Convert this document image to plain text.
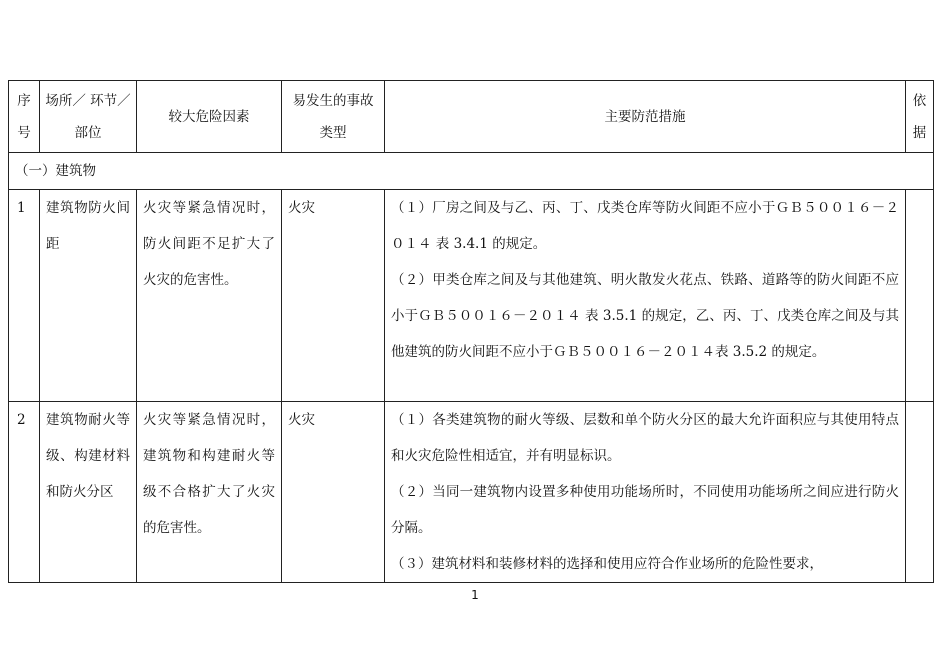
序号	场所／ 环节／ 部位	较大危险因素	易发生的事故类型	主要防范措施	依据
（一）建筑物					
1	建筑物防火间距	火灾等紧急情况时，防火间距不足扩大了火灾的危害性。	火灾	（１）厂房之间及与乙、丙、丁、戊类仓库等防火间距不应小于ＧＢ５００１６－２０１４ 表 3.4.1 的规定。

（２）甲类仓库之间及与其他建筑、明火散发火花点、铁路、道路等的防火间距不应小于ＧＢ５００１６－２０１４ 表 3.5.1 的规定，乙、丙、丁、戊类仓库之间及与其他建筑的防火间距不应小于ＧＢ５００１６－２０１４表 3.5.2 的规定。	

2	建筑物耐火等级、构建材料和防火分区	火灾等紧急情况时，建筑物和构建耐火等级不合格扩大了火灾的危害性。	火灾	（１）各类建筑物的耐火等级、层数和单个防火分区的最大允许面积应与其使用特点和火灾危险性相适宜，并有明显标识。

（２）当同一建筑物内设置多种使用功能场所时，不同使用功能场所之间应进行防火分隔。

（３）建筑材料和装修材料的选择和使用应符合作业场所的危险性要求，	

1
